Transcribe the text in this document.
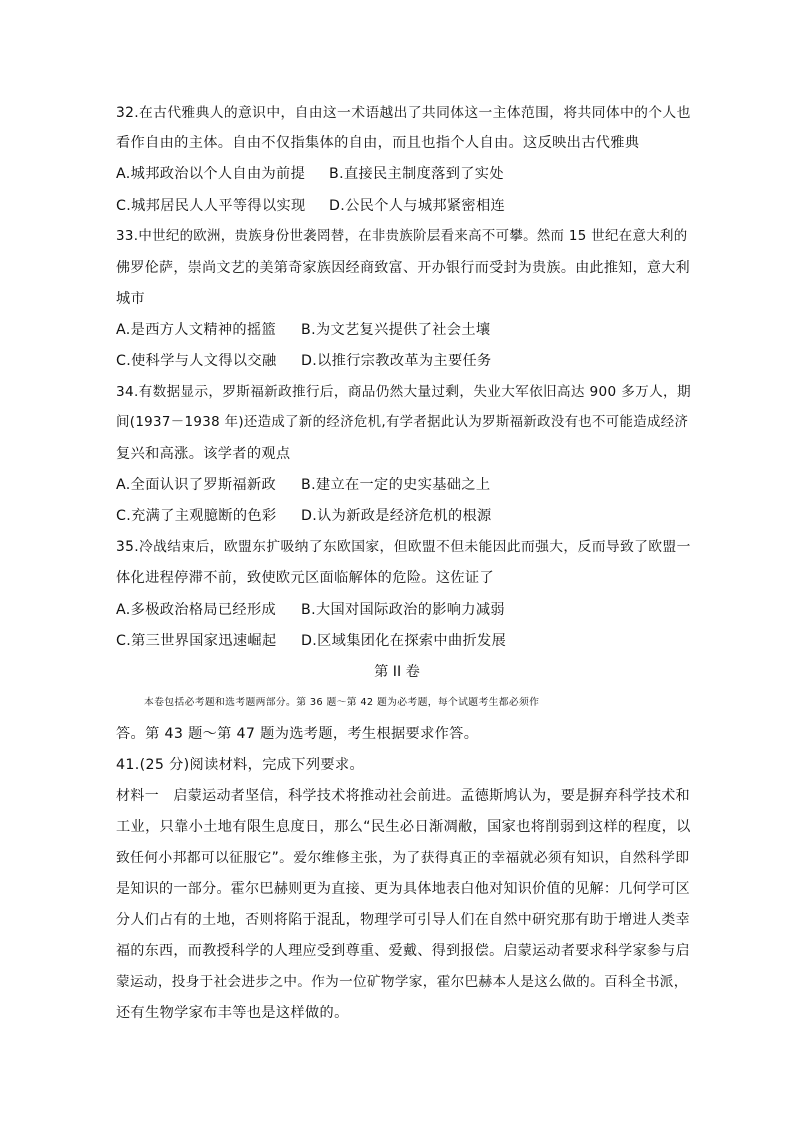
32.在古代雅典人的意识中，自由这一术语越出了共同体这一主体范围，将共同体中的个人也
看作自由的主体。自由不仅指集体的自由，而且也指个人自由。这反映出古代雅典
A.城邦政治以个人自由为前提 B.直接民主制度落到了实处
C.城邦居民人人平等得以实现 D.公民个人与城邦紧密相连
33.中世纪的欧洲，贵族身份世袭罔替，在非贵族阶层看来高不可攀。然而 15 世纪在意大利的
佛罗伦萨，崇尚文艺的美第奇家族因经商致富、开办银行而受封为贵族。由此推知，意大利
城市
A.是西方人文精神的摇篮 B.为文艺复兴提供了社会土壤
C.使科学与人文得以交融 D.以推行宗教改革为主要任务
34.有数据显示，罗斯福新政推行后，商品仍然大量过剩，失业大军依旧高达 900 多万人，期
间(1937－1938 年)还造成了新的经济危机,有学者据此认为罗斯福新政没有也不可能造成经济
复兴和高涨。该学者的观点
A.全面认识了罗斯福新政 B.建立在一定的史实基础之上
C.充满了主观臆断的色彩 D.认为新政是经济危机的根源
35.冷战结束后，欧盟东扩吸纳了东欧国家，但欧盟不但未能因此而强大，反而导致了欧盟一
体化进程停滞不前，致使欧元区面临解体的危险。这佐证了
A.多极政治格局已经形成 B.大国对国际政治的影响力减弱
C.第三世界国家迅速崛起 D.区域集团化在探索中曲折发展
第 II 卷
本卷包括必考题和选考题两部分。第 36 题～第 42 题为必考题，每个试题考生都必须作
答。第 43 题～第 47 题为选考题，考生根据要求作答。
41.(25 分)阅读材料，完成下列要求。
材料一　启蒙运动者坚信，科学技术将推动社会前进。孟德斯鸠认为，要是摒弃科学技术和
工业，只靠小土地有限生息度日，那么“民生必日渐凋敝，国家也将削弱到这样的程度，以
致任何小邦都可以征服它”。爱尔维修主张，为了获得真正的幸福就必须有知识，自然科学即
是知识的一部分。霍尔巴赫则更为直接、更为具体地表白他对知识价值的见解：几何学可区
分人们占有的土地，否则将陷于混乱，物理学可引导人们在自然中研究那有助于增进人类幸
福的东西，而教授科学的人理应受到尊重、爱戴、得到报偿。启蒙运动者要求科学家参与启
蒙运动，投身于社会进步之中。作为一位矿物学家，霍尔巴赫本人是这么做的。百科全书派，
还有生物学家布丰等也是这样做的。
